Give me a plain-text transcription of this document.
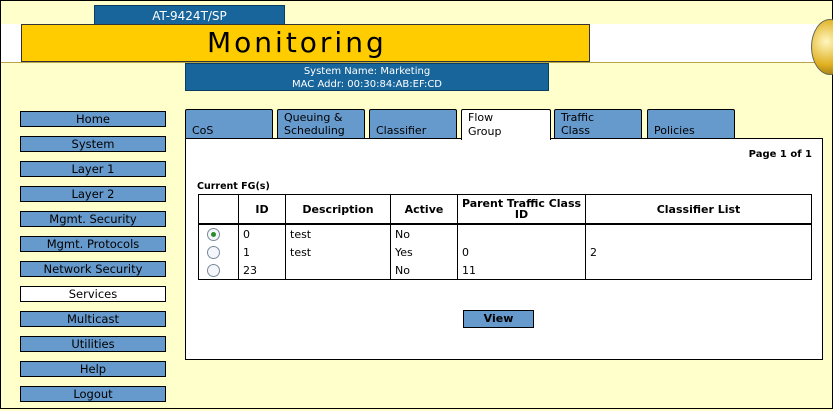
AT-9424T/SP
Monitoring
System Name: Marketing
MAC Addr: 00:30:84:AB:EF:CD
Home
System
Layer 1
Layer 2
Mgmt. Security
Mgmt. Protocols
Network Security
Services
Multicast
Utilities
Help
Logout
CoS
Queuing &
Scheduling	Classifier
Flow
Group
Traffic
Class	Policies
Page 1 of 1
Current FG(s)
	ID	Description	Active	Parent Traffic Class ID	Classifier List
	0	test	No		
	1	test	Yes	0	2
	23		No	11	
View
